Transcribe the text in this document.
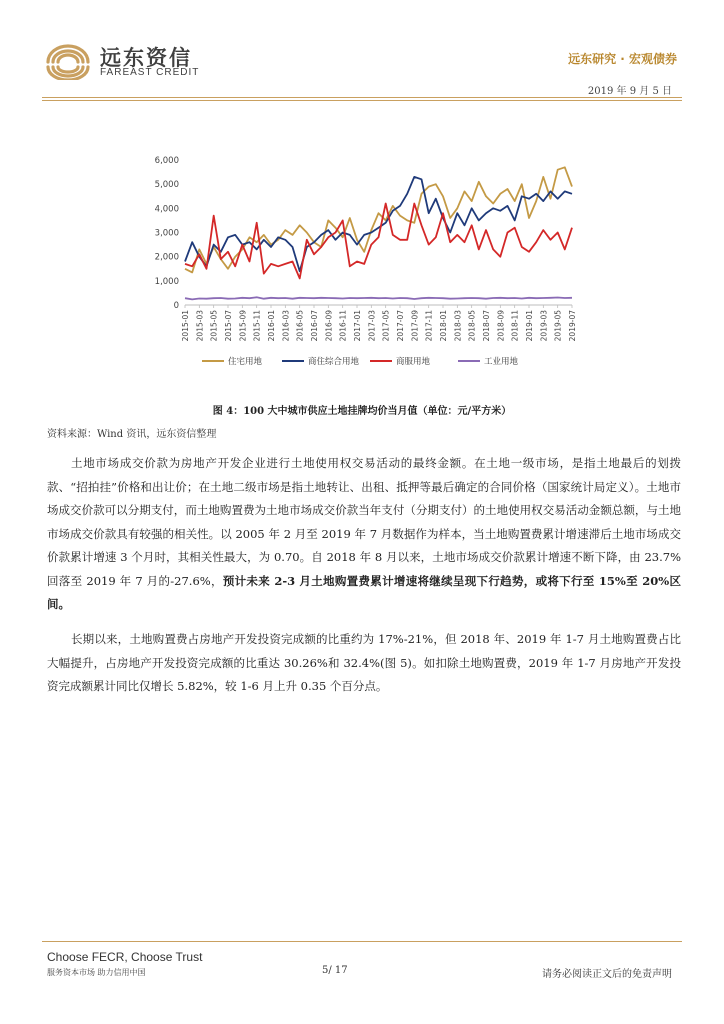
远东资信
FAREAST CREDIT
远东研究 · 宏观债券
2019 年 9 月 5 日
0
1,000
2,000
3,000
4,000
5,000
6,000
2015-01 2015-03 2015-05 2015-07 2015-09 2015-11 2016-01 2016-03 2016-05 2016-07 2016-09 2016-11 2017-01 2017-03 2017-05 2017-07 2017-09 2017-11 2018-01 2018-03 2018-05 2018-07 2018-09 2018-11 2019-01 2019-03 2019-05 2019-07
住宅用地	商住综合用地	商服用地	工业用地
图 4：100 大中城市供应土地挂牌均价当月值（单位：元/平方米）
资料来源：Wind 资讯，远东资信整理

土地市场成交价款为房地产开发企业进行土地使用权交易活动的最终金额。在土地一级市场，是指土地最后的划拨款、“招拍挂”价格和出让价；在土地二级市场是指土地转让、出租、抵押等最后确定的合同价格（国家统计局定义）。土地市场成交价款可以分期支付，而土地购置费为土地市场成交价款当年支付（分期支付）的土地使用权交易活动金额总额，与土地市场成交价款具有较强的相关性。以 2005 年 2 月至 2019 年 7 月数据作为样本，当土地购置费累计增速滞后土地市场成交价款累计增速 3 个月时，其相关性最大，为 0.70。自 2018 年 8 月以来，土地市场成交价款累计增速不断下降，由 23.7%回落至 2019 年 7 月的-27.6%，预计未来 2-3 月土地购置费累计增速将继续呈现下行趋势，或将下行至 15%至 20%区间。

长期以来，土地购置费占房地产开发投资完成额的比重约为 17%-21%，但 2018 年、2019 年 1-7 月土地购置费占比大幅提升，占房地产开发投资完成额的比重达 30.26%和 32.4%(图 5)。如扣除土地购置费，2019 年 1-7 月房地产开发投资完成额累计同比仅增长 5.82%，较 1-6 月上升 0.35 个百分点。

Choose FECR, Choose Trust
服务资本市场 助力信用中国	5/ 17	请务必阅读正文后的免责声明
